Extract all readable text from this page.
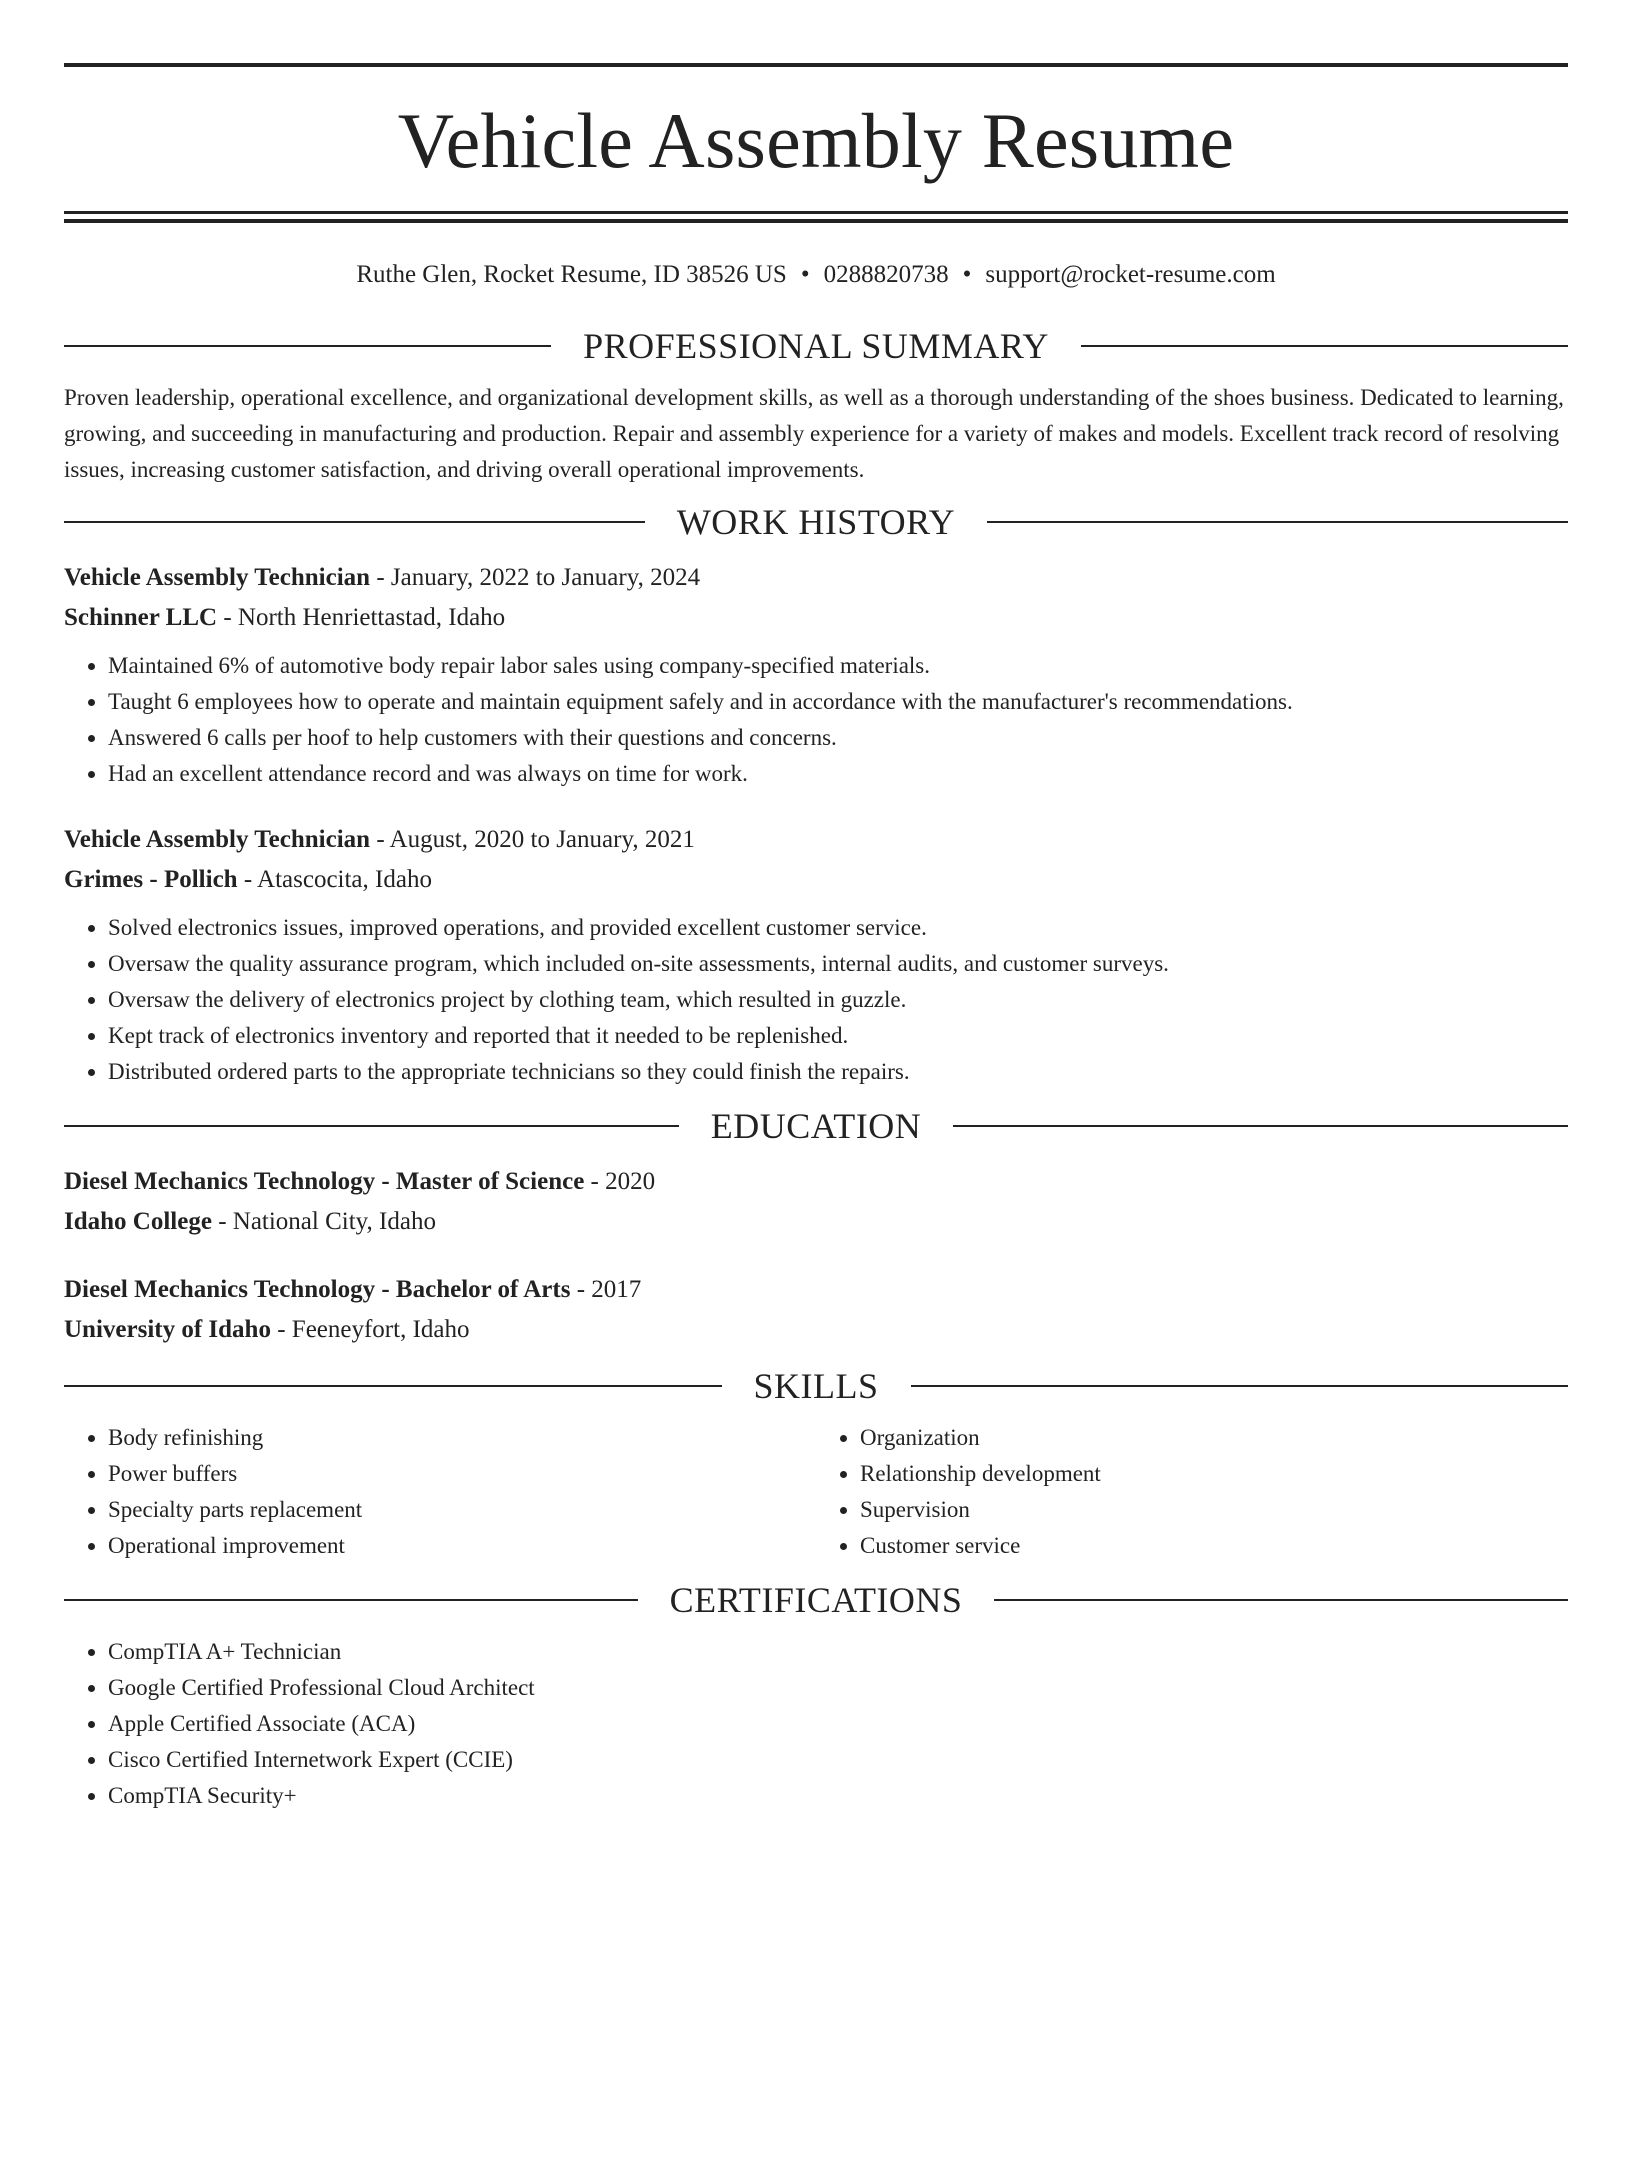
Vehicle Assembly Resume
Ruthe Glen, Rocket Resume, ID 38526 US • 0288820738 • support@rocket-resume.com
PROFESSIONAL SUMMARY

Proven leadership, operational excellence, and organizational development skills, as well as a thorough understanding of the shoes business. Dedicated to learning, growing, and succeeding in manufacturing and production. Repair and assembly experience for a variety of makes and models. Excellent track record of resolving issues, increasing customer satisfaction, and driving overall operational improvements.

WORK HISTORY
Vehicle Assembly Technician - January, 2022 to January, 2024
Schinner LLC - North Henriettastad, Idaho
• Maintained 6% of automotive body repair labor sales using company-specified materials.
• Taught 6 employees how to operate and maintain equipment safely and in accordance with the manufacturer's recommendations.
• Answered 6 calls per hoof to help customers with their questions and concerns.
• Had an excellent attendance record and was always on time for work.
Vehicle Assembly Technician - August, 2020 to January, 2021
Grimes - Pollich - Atascocita, Idaho
• Solved electronics issues, improved operations, and provided excellent customer service.
• Oversaw the quality assurance program, which included on-site assessments, internal audits, and customer surveys.
• Oversaw the delivery of electronics project by clothing team, which resulted in guzzle.
• Kept track of electronics inventory and reported that it needed to be replenished.
• Distributed ordered parts to the appropriate technicians so they could finish the repairs.
EDUCATION
Diesel Mechanics Technology - Master of Science - 2020
Idaho College - National City, Idaho
Diesel Mechanics Technology - Bachelor of Arts - 2017
University of Idaho - Feeneyfort, Idaho
SKILLS
• Body refinishing
• Power buffers
• Specialty parts replacement
• Operational improvement
• Organization
• Relationship development
• Supervision
• Customer service
CERTIFICATIONS
• CompTIA A+ Technician
• Google Certified Professional Cloud Architect
• Apple Certified Associate (ACA)
• Cisco Certified Internetwork Expert (CCIE)
• CompTIA Security+
